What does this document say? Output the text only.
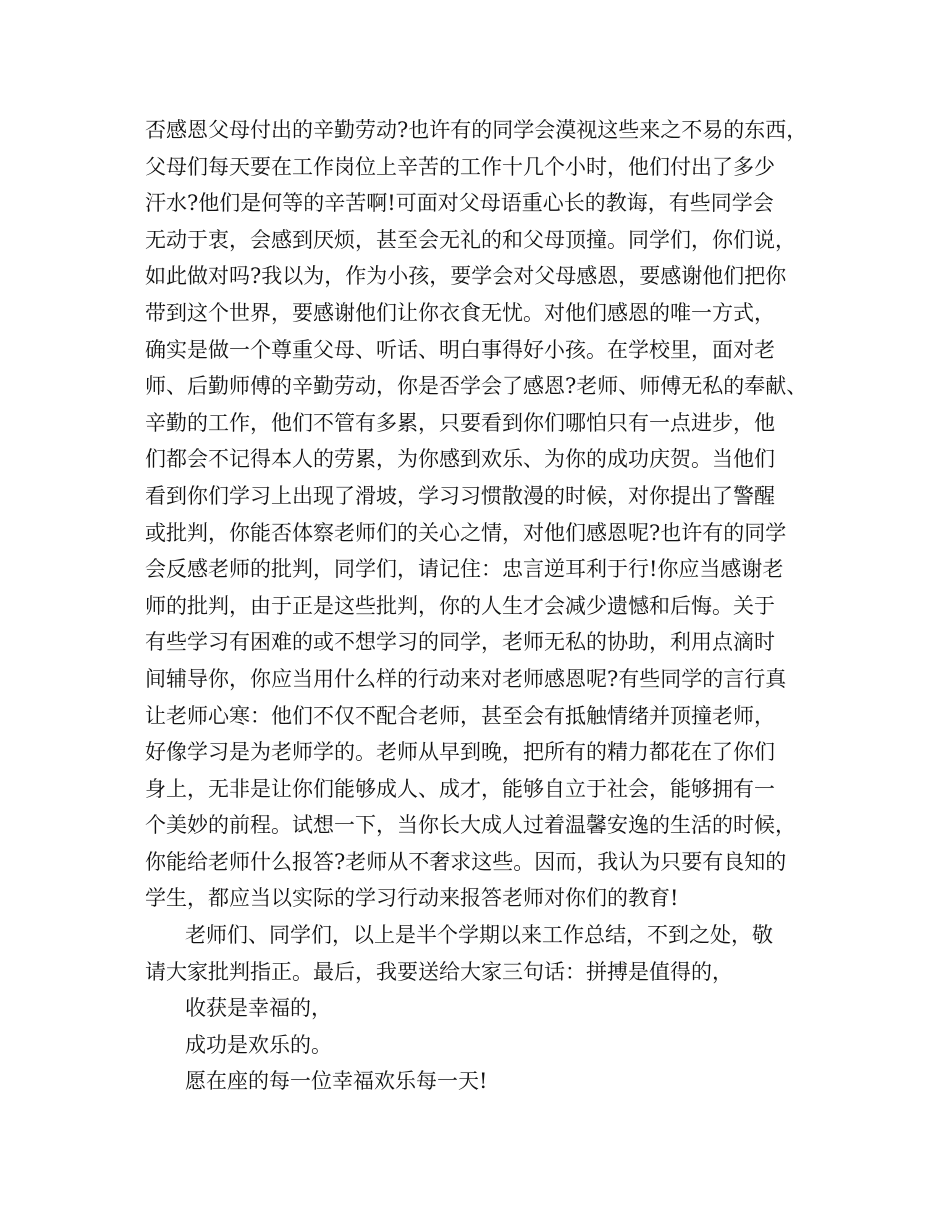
否感恩父母付出的辛勤劳动?也许有的同学会漠视这些来之不易的东西，
父母们每天要在工作岗位上辛苦的工作十几个小时，他们付出了多少
汗水?他们是何等的辛苦啊!可面对父母语重心长的教诲，有些同学会
无动于衷，会感到厌烦，甚至会无礼的和父母顶撞。同学们，你们说，
如此做对吗?我以为，作为小孩，要学会对父母感恩，要感谢他们把你
带到这个世界，要感谢他们让你衣食无忧。对他们感恩的唯一方式，
确实是做一个尊重父母、听话、明白事得好小孩。在学校里，面对老
师、后勤师傅的辛勤劳动，你是否学会了感恩?老师、师傅无私的奉献、
辛勤的工作，他们不管有多累，只要看到你们哪怕只有一点进步，他
们都会不记得本人的劳累，为你感到欢乐、为你的成功庆贺。当他们
看到你们学习上出现了滑坡，学习习惯散漫的时候，对你提出了警醒
或批判，你能否体察老师们的关心之情，对他们感恩呢?也许有的同学
会反感老师的批判，同学们，请记住：忠言逆耳利于行!你应当感谢老
师的批判，由于正是这些批判，你的人生才会减少遗憾和后悔。关于
有些学习有困难的或不想学习的同学，老师无私的协助，利用点滴时
间辅导你，你应当用什么样的行动来对老师感恩呢?有些同学的言行真
让老师心寒：他们不仅不配合老师，甚至会有抵触情绪并顶撞老师，
好像学习是为老师学的。老师从早到晚，把所有的精力都花在了你们
身上，无非是让你们能够成人、成才，能够自立于社会，能够拥有一
个美妙的前程。试想一下，当你长大成人过着温馨安逸的生活的时候，
你能给老师什么报答?老师从不奢求这些。因而，我认为只要有良知的
学生，都应当以实际的学习行动来报答老师对你们的教育!
老师们、同学们，以上是半个学期以来工作总结，不到之处，敬
请大家批判指正。最后，我要送给大家三句话：拼搏是值得的，
收获是幸福的，
成功是欢乐的。
愿在座的每一位幸福欢乐每一天!
